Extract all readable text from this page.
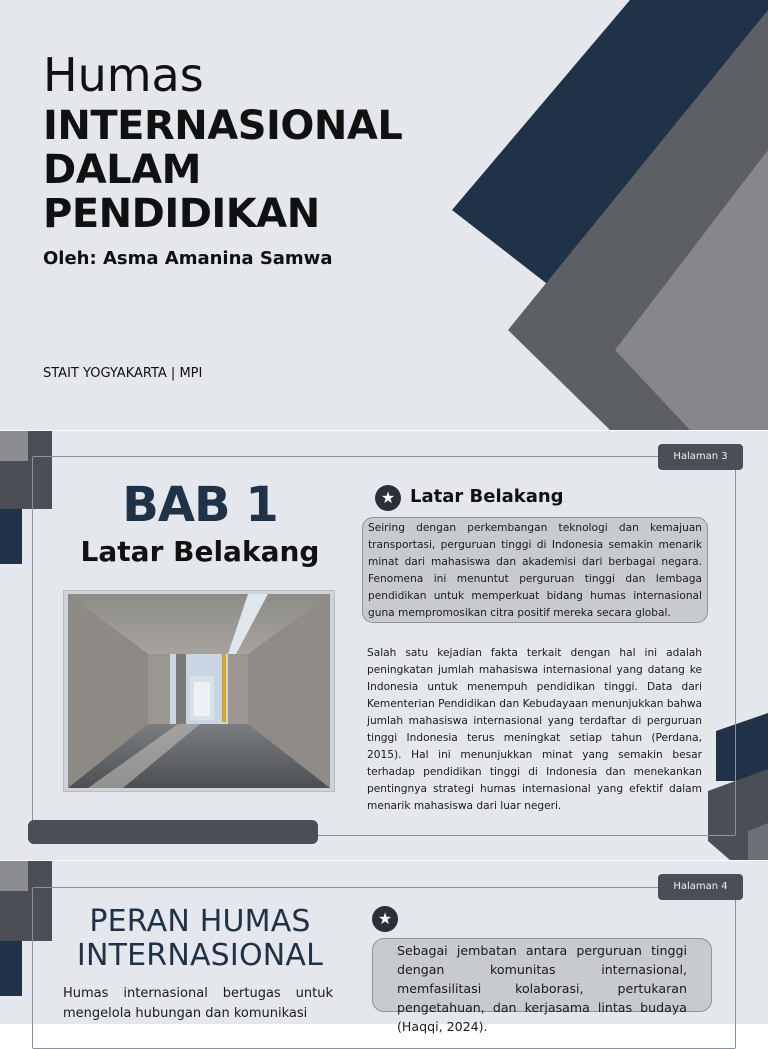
Humas
INTERNASIONAL
DALAM
PENDIDIKAN
Oleh: Asma Amanina Samwa
STAIT YOGYAKARTA | MPI
Halaman 3
BAB 1
Latar Belakang
★ Latar Belakang
Seiring dengan perkembangan teknologi dan kemajuan transportasi, perguruan tinggi di Indonesia semakin menarik minat dari mahasiswa dan akademisi dari berbagai negara. Fenomena ini menuntut perguruan tinggi dan lembaga pendidikan untuk memperkuat bidang humas internasional guna mempromosikan citra positif mereka secara global.
Salah satu kejadian fakta terkait dengan hal ini adalah peningkatan jumlah mahasiswa internasional yang datang ke Indonesia untuk menempuh pendidikan tinggi. Data dari Kementerian Pendidikan dan Kebudayaan menunjukkan bahwa jumlah mahasiswa internasional yang terdaftar di perguruan tinggi Indonesia terus meningkat setiap tahun (Perdana, 2015). Hal ini menunjukkan minat yang semakin besar terhadap pendidikan tinggi di Indonesia dan menekankan pentingnya strategi humas internasional yang efektif dalam menarik mahasiswa dari luar negeri.
Halaman 4
PERAN HUMAS
INTERNASIONAL
Humas internasional bertugas untuk mengelola hubungan dan komunikasi
★
Sebagai jembatan antara perguruan tinggi dengan komunitas internasional, memfasilitasi kolaborasi, pertukaran pengetahuan, dan kerjasama lintas budaya (Haqqi, 2024).
